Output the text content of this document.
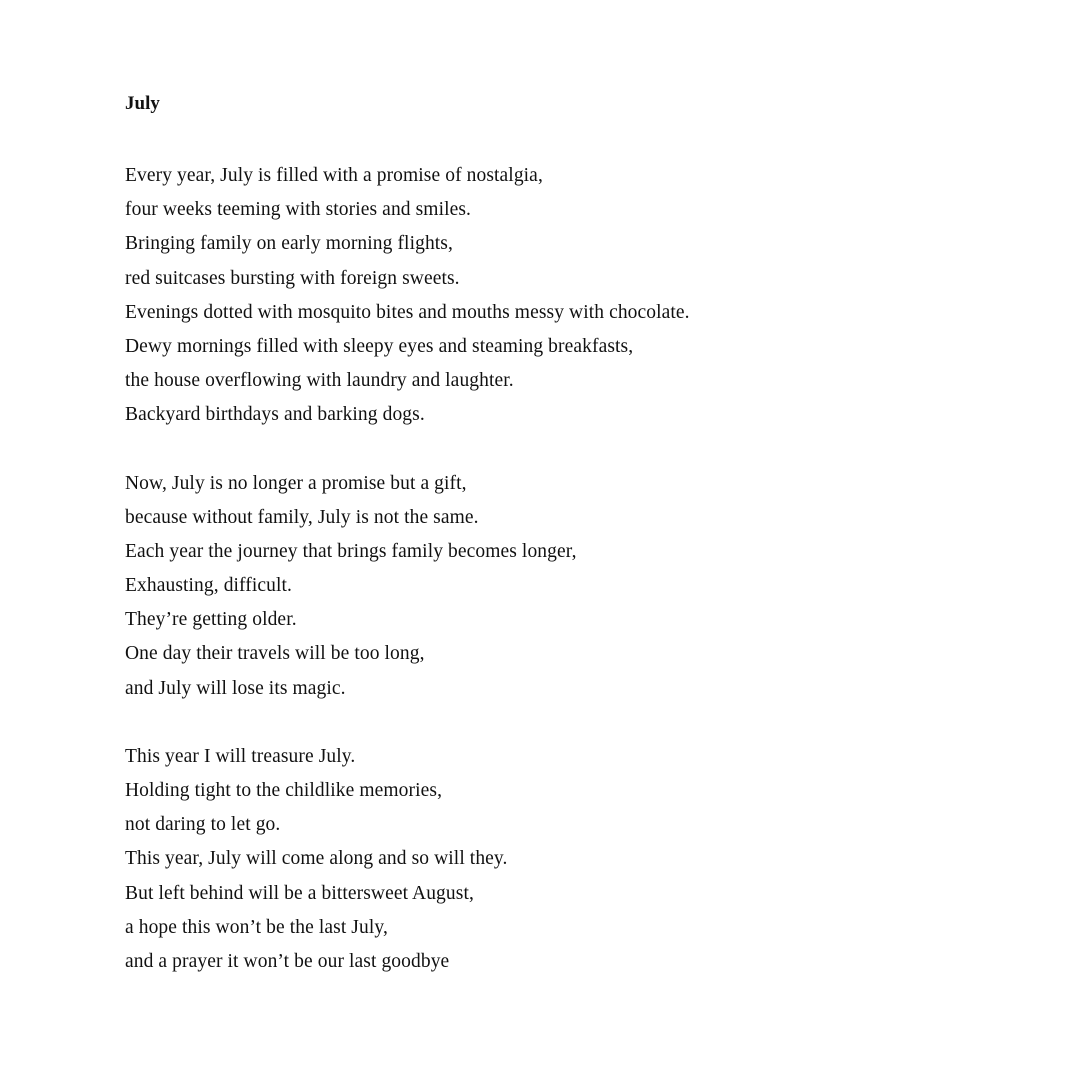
July
Every year, July is filled with a promise of nostalgia,
four weeks teeming with stories and smiles.
Bringing family on early morning flights,
red suitcases bursting with foreign sweets.
Evenings dotted with mosquito bites and mouths messy with chocolate.
Dewy mornings filled with sleepy eyes and steaming breakfasts,
the house overflowing with laundry and laughter.
Backyard birthdays and barking dogs.
Now, July is no longer a promise but a gift,
because without family, July is not the same.
Each year the journey that brings family becomes longer,
Exhausting, difficult.
They’re getting older.
One day their travels will be too long,
and July will lose its magic.
This year I will treasure July.
Holding tight to the childlike memories,
not daring to let go.
This year, July will come along and so will they.
But left behind will be a bittersweet August,
a hope this won’t be the last July,
and a prayer it won’t be our last goodbye
